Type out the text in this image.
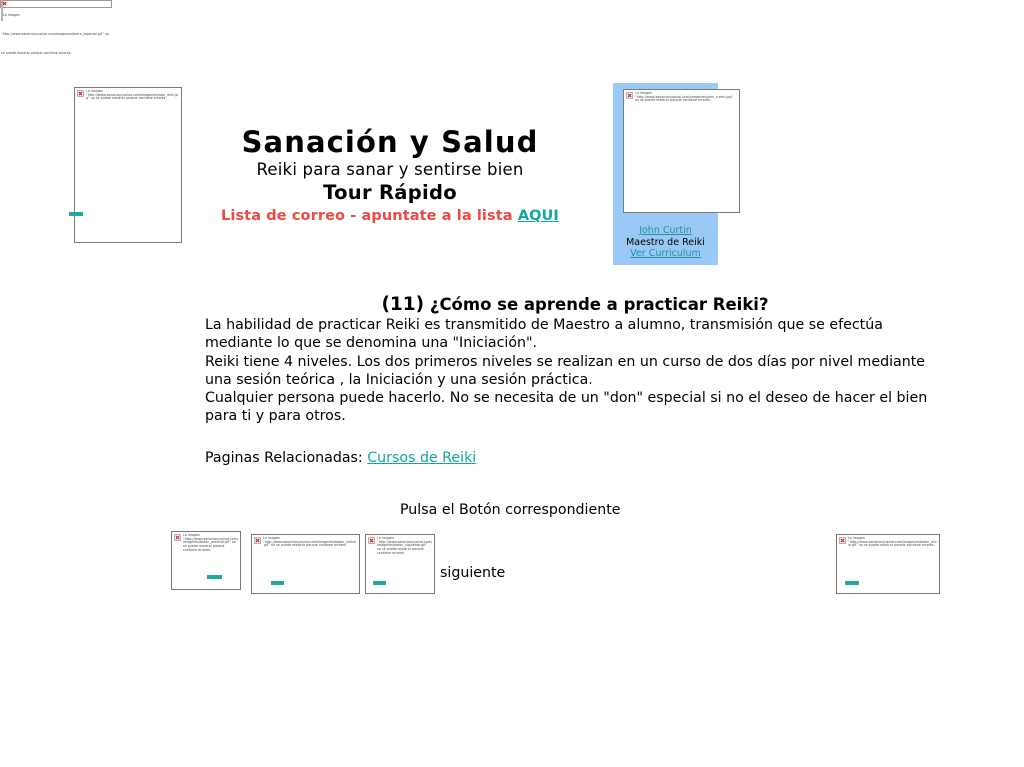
La imagen “http://www.sanacionysalud.com/imagenes/barra_superior.gif” no se puede mostrar porque contiene errores.
La imagen “http://www.sanacionysalud.com/imagenes/logo_reiki.jpg” no se puede mostrar porque contiene errores.
Sanación y Salud
Reiki para sanar y sentirse bien
Tour Rápido
Lista de correo - apuntate a la lista AQUI
La imagen “http://www.sanacionysalud.com/imagenes/john_curtin.jpg” no se puede mostrar porque contiene errores.
John Curtin
Maestro de Reiki
Ver Curriculum
(11) ¿Cómo se aprende a practicar Reiki?

La habilidad de practicar Reiki es transmitido de Maestro a alumno, transmisión que se efectúa mediante lo que se denomina una "Iniciación".

Reiki tiene 4 niveles. Los dos primeros niveles se realizan en un curso de dos días por nivel mediante una sesión teórica , la Iniciación y una sesión práctica.

Cualquier persona puede hacerlo. No se necesita de un "don" especial si no el deseo de hacer el bien para ti y para otros.

Paginas Relacionadas: Cursos de Reiki
Pulsa el Botón correspondiente
La imagen “http://www.sanacionysalud.com/imagenes/boton_anterior.gif” no se puede mostrar porque contiene errores.
La imagen “http://www.sanacionysalud.com/imagenes/boton_indice.gif” no se puede mostrar porque contiene errores.
La imagen “http://www.sanacionysalud.com/imagenes/boton_siguiente.gif” no se puede mostrar porque contiene errores.
siguiente
La imagen “http://www.sanacionysalud.com/imagenes/boton_inicio.gif” no se puede mostrar porque contiene errores.
